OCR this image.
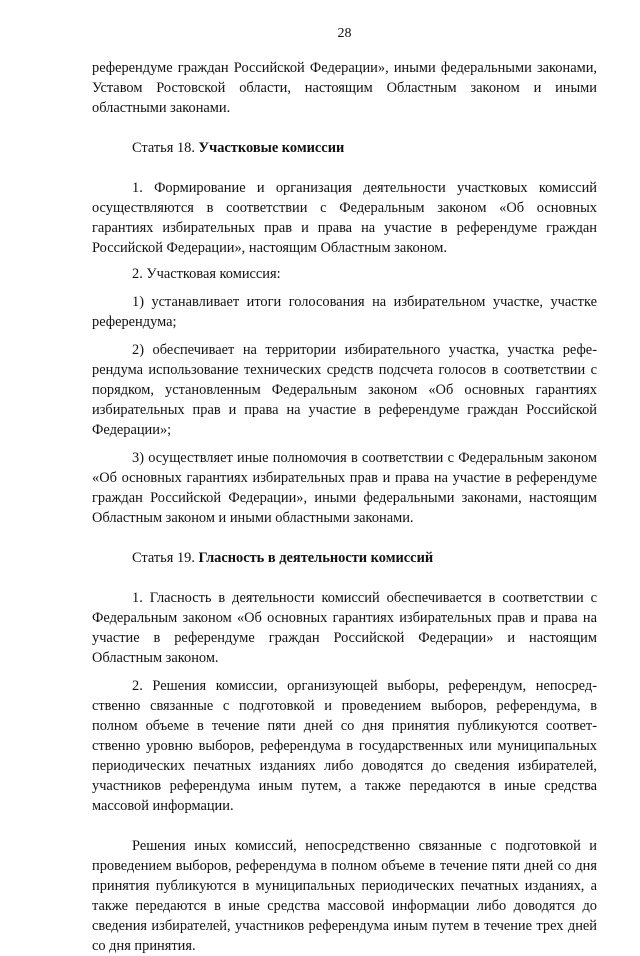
28

референдуме граждан Российской Федерации», иными федеральными законами, Уставом Ростовской области, настоящим Областным законом и иными областными законами.

Статья 18. Участковые комиссии

1. Формирование и организация деятельности участковых комиссий осуществляются в соответствии с Федеральным законом «Об основных гарантиях избирательных прав и права на участие в референдуме граждан Российской Федерации», настоящим Областным законом.

2. Участковая комиссия:

1) устанавливает итоги голосования на избирательном участке, участке референдума;

2) обеспечивает на территории избирательного участка, участка референдума использование технических средств подсчета голосов в соответствии с порядком, установленным Федеральным законом «Об основных гарантиях избирательных прав и права на участие в референдуме граждан Российской Федерации»;

3) осуществляет иные полномочия в соответствии с Федеральным законом «Об основных гарантиях избирательных прав и права на участие в референдуме граждан Российской Федерации», иными федеральными законами, настоящим Областным законом и иными областными законами.

Статья 19. Гласность в деятельности комиссий

1. Гласность в деятельности комиссий обеспечивается в соответствии с Федеральным законом «Об основных гарантиях избирательных прав и права на участие в референдуме граждан Российской Федерации» и настоящим Областным законом.

2. Решения комиссии, организующей выборы, референдум, непосредственно связанные с подготовкой и проведением выборов, референдума, в полном объеме в течение пяти дней со дня принятия публикуются соответственно уровню выборов, референдума в государственных или муниципальных периодических печатных изданиях либо доводятся до сведения избирателей, участников референдума иным путем, а также передаются в иные средства массовой информации.

Решения иных комиссий, непосредственно связанные с подготовкой и проведением выборов, референдума в полном объеме в течение пяти дней со дня принятия публикуются в муниципальных периодических печатных изданиях, а также передаются в иные средства массовой информации либо доводятся до сведения избирателей, участников референдума иным путем в течение трех дней со дня принятия.
